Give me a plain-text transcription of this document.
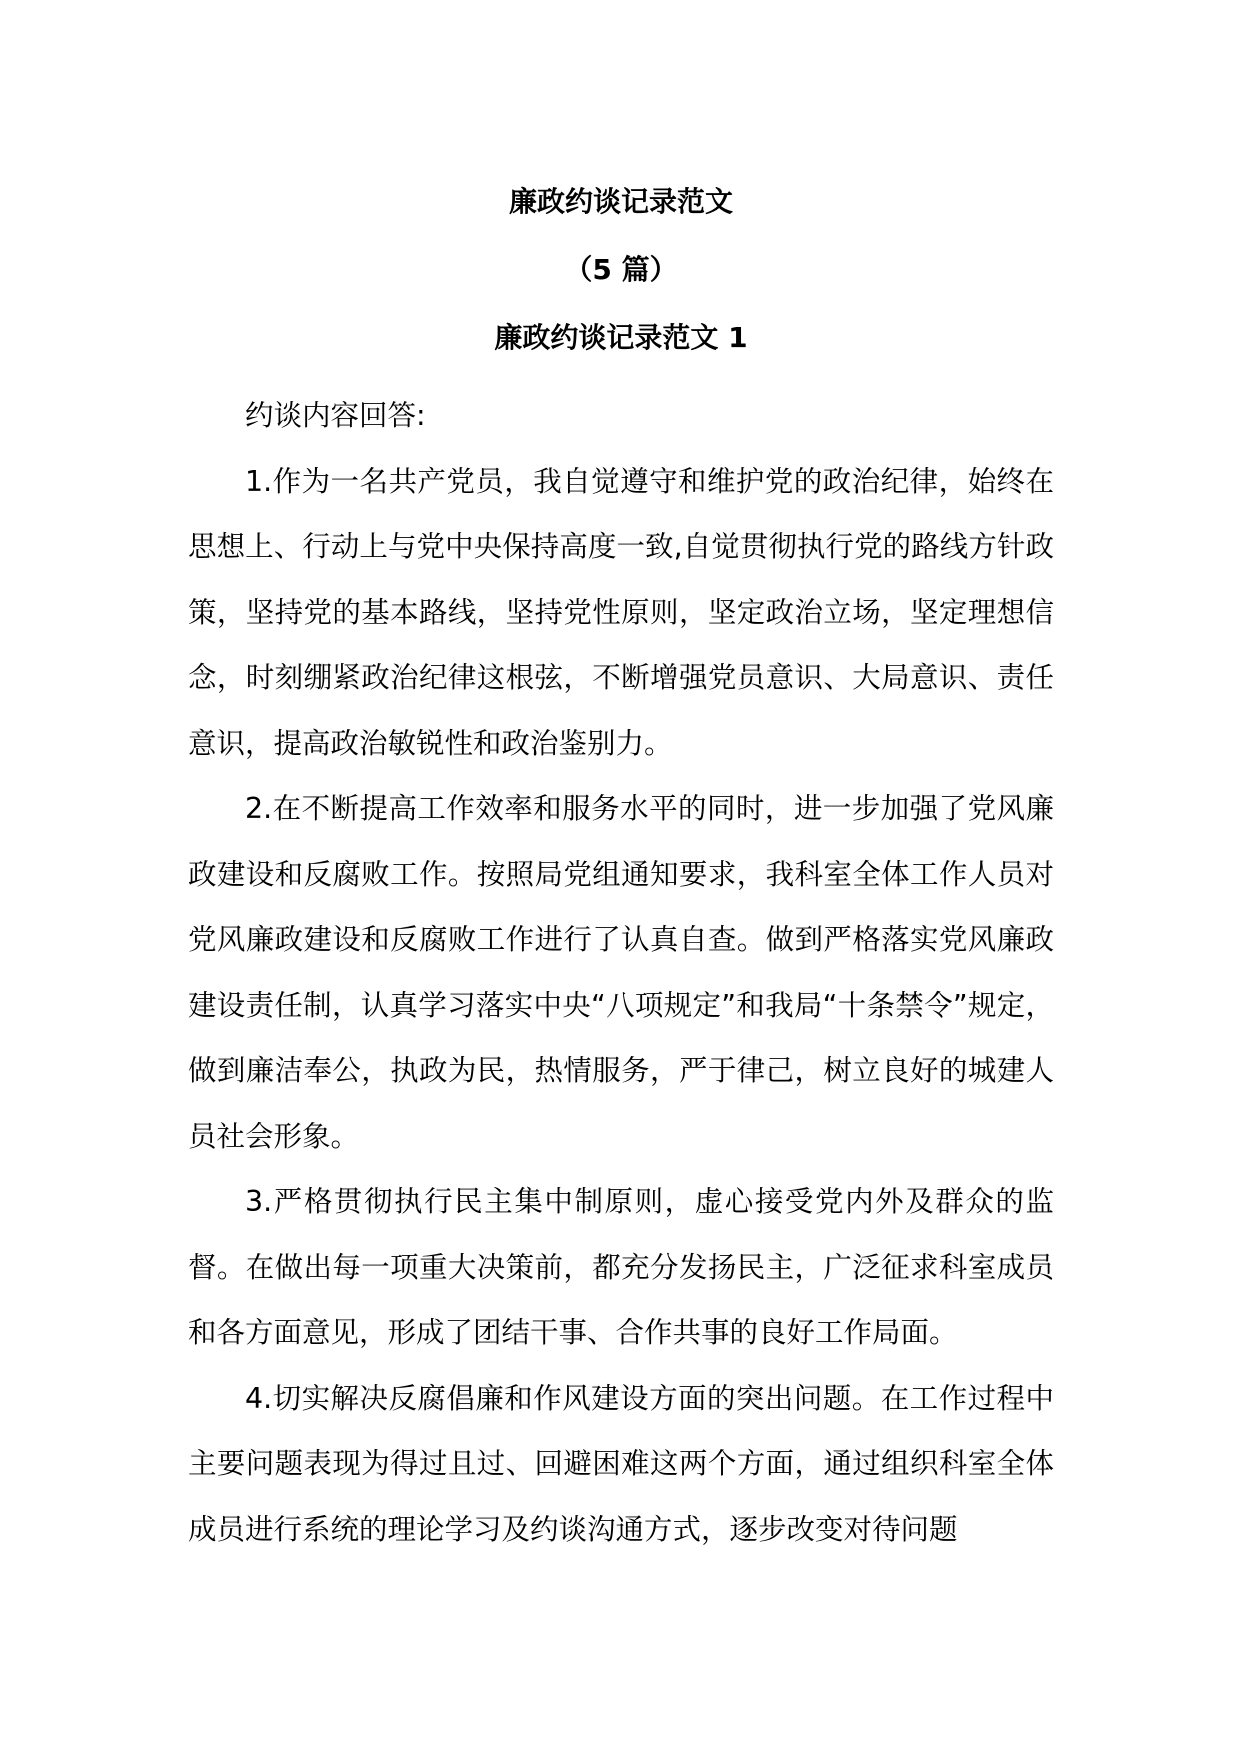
廉政约谈记录范文
（5 篇）
廉政约谈记录范文 1

约谈内容回答:

1.作为一名共产党员，我自觉遵守和维护党的政治纪律，始终在思想上、行动上与党中央保持高度一致,自觉贯彻执行党的路线方针政策，坚持党的基本路线，坚持党性原则，坚定政治立场，坚定理想信念，时刻绷紧政治纪律这根弦，不断增强党员意识、大局意识、责任意识，提高政治敏锐性和政治鉴别力。

2.在不断提高工作效率和服务水平的同时，进一步加强了党风廉政建设和反腐败工作。按照局党组通知要求，我科室全体工作人员对党风廉政建设和反腐败工作进行了认真自查。做到严格落实党风廉政建设责任制，认真学习落实中央“八项规定”和我局“十条禁令”规定，做到廉洁奉公，执政为民，热情服务，严于律己，树立良好的城建人员社会形象。

3.严格贯彻执行民主集中制原则，虚心接受党内外及群众的监督。在做出每一项重大决策前，都充分发扬民主，广泛征求科室成员和各方面意见，形成了团结干事、合作共事的良好工作局面。

4.切实解决反腐倡廉和作风建设方面的突出问题。在工作过程中主要问题表现为得过且过、回避困难这两个方面，通过组织科室全体成员进行系统的理论学习及约谈沟通方式，逐步改变对待问题
